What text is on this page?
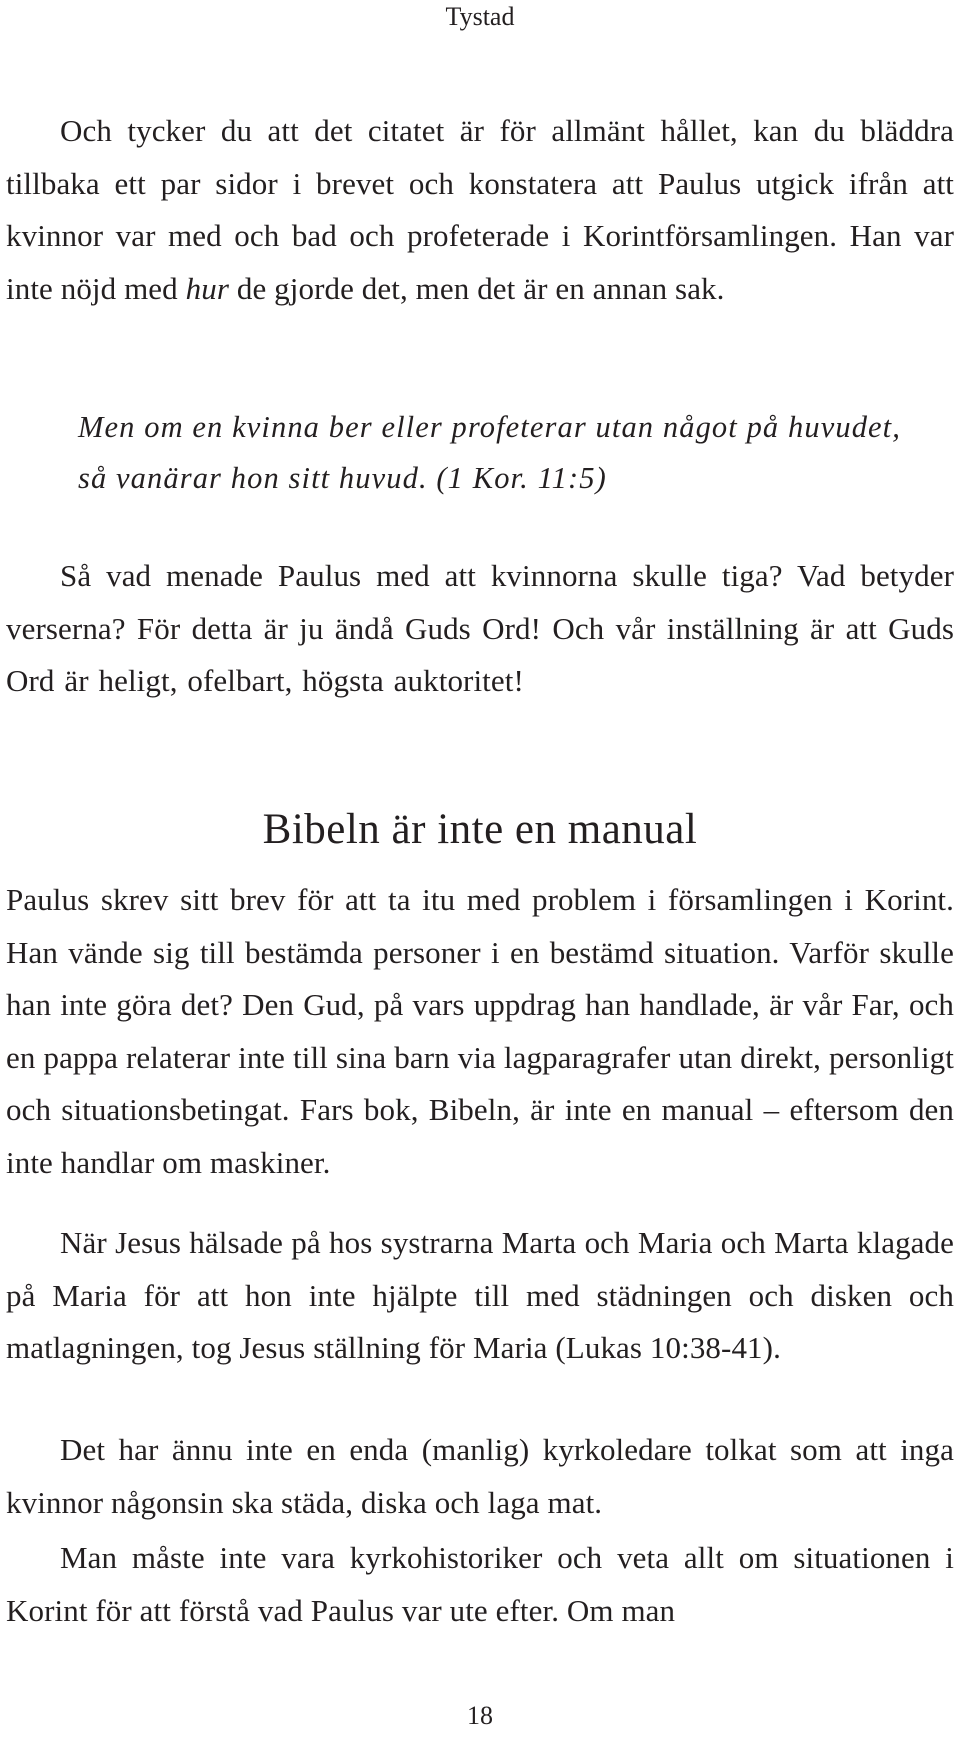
Tystad

Och tycker du att det citatet är för allmänt hållet, kan du bläddra tillbaka ett par sidor i brevet och konstatera att Paulus utgick ifrån att kvinnor var med och bad och profeterade i Korintförsamlingen. Han var inte nöjd med hur de gjorde det, men det är en annan sak.

Men om en kvinna ber eller profeterar utan något på huvudet, så vanärar hon sitt huvud. (1 Kor. 11:5)

Så vad menade Paulus med att kvinnorna skulle tiga? Vad betyder verserna? För detta är ju ändå Guds Ord! Och vår inställning är att Guds Ord är heligt, ofelbart, högsta auktoritet!

Bibeln är inte en manual

Paulus skrev sitt brev för att ta itu med problem i församlingen i Korint. Han vände sig till bestämda personer i en bestämd situation. Varför skulle han inte göra det? Den Gud, på vars uppdrag han handlade, är vår Far, och en pappa relaterar inte till sina barn via lagparagrafer utan direkt, personligt och situationsbetingat. Fars bok, Bibeln, är inte en manual – eftersom den inte handlar om maskiner.

När Jesus hälsade på hos systrarna Marta och Maria och Marta klagade på Maria för att hon inte hjälpte till med städningen och disken och matlagningen, tog Jesus ställning för Maria (Lukas 10:38-41).

Det har ännu inte en enda (manlig) kyrkoledare tolkat som att inga kvinnor någonsin ska städa, diska och laga mat.

Man måste inte vara kyrkohistoriker och veta allt om situationen i Korint för att förstå vad Paulus var ute efter. Om man

18
